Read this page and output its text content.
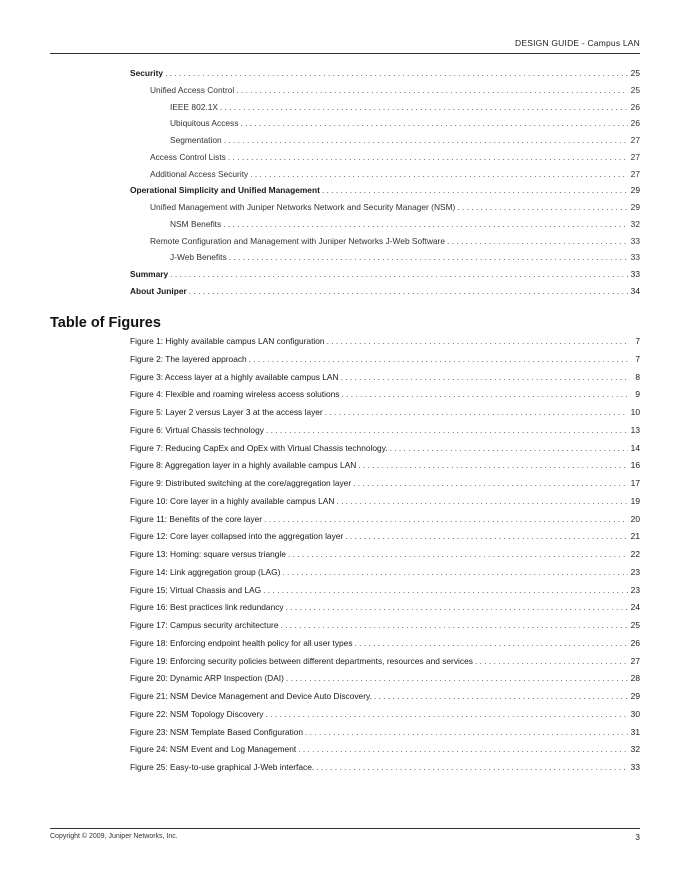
DESIGN GUIDE - Campus LAN
Security . . .	25
Unified Access Control . . .	25
IEEE 802.1X . . .	26
Ubiquitous Access . . .	26
Segmentation . . .	27
Access Control Lists . . .	27
Additional Access Security . . .	27
Operational Simplicity and Unified Management . . .	29
Unified Management with Juniper Networks Network and Security Manager (NSM) . . .	29
NSM Benefits . . .	32
Remote Configuration and Management with Juniper Networks J-Web Software . . .	33
J-Web Benefits . . .	33
Summary . . .	33
About Juniper . . .	34
Table of Figures
Figure 1: Highly available campus LAN configuration . . .	7
Figure 2: The layered approach . . .	7
Figure 3: Access layer at a highly available campus LAN . . .	8
Figure 4: Flexible and roaming wireless access solutions . . .	9
Figure 5: Layer 2 versus Layer 3 at the access layer . . .	10
Figure 6: Virtual Chassis technology . . .	13
Figure 7: Reducing CapEx and OpEx with Virtual Chassis technology. . . .	14
Figure 8: Aggregation layer in a highly available campus LAN . . .	16
Figure 9: Distributed switching at the core/aggregation layer . . .	17
Figure 10: Core layer in a highly available campus LAN . . .	19
Figure 11: Benefits of the core layer . . .	20
Figure 12: Core layer collapsed into the aggregation layer . . .	21
Figure 13: Homing: square versus triangle . . .	22
Figure 14: Link aggregation group (LAG) . . .	23
Figure 15: Virtual Chassis and LAG . . .	23
Figure 16: Best practices link redundancy . . .	24
Figure 17: Campus security architecture . . .	25
Figure 18: Enforcing endpoint health policy for all user types . . .	26
Figure 19: Enforcing security policies between different departments, resources and services . . .	27
Figure 20: Dynamic ARP Inspection (DAI) . . .	28
Figure 21: NSM Device Management and Device Auto Discovery. . . .	29
Figure 22: NSM Topology Discovery . . .	30
Figure 23: NSM Template Based Configuration . . .	31
Figure 24: NSM Event and Log Management . . .	32
Figure 25: Easy-to-use graphical J-Web interface. . . .	33
Copyright © 2009, Juniper Networks, Inc.	3
